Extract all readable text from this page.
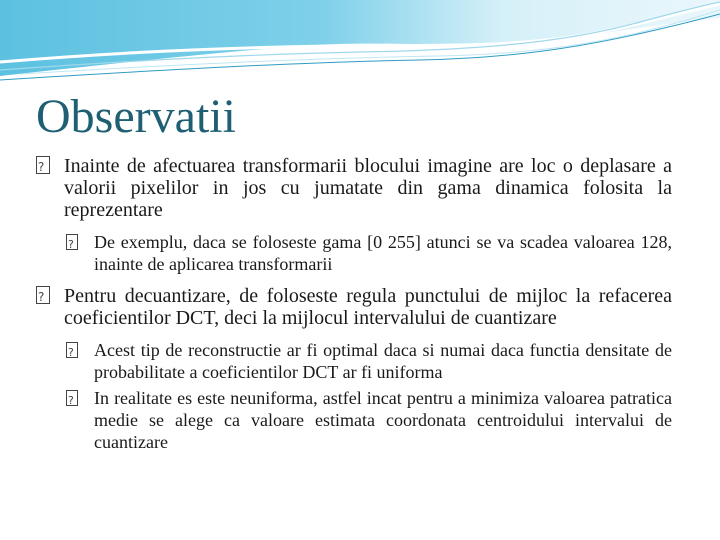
Observatii
?
Inainte de afectuarea transformarii blocului imagine are loc o deplasare a valorii pixelilor in jos cu jumatate din gama dinamica folosita la reprezentare
?
De exemplu, daca se foloseste gama [0 255] atunci se va scadea valoarea 128, inainte de aplicarea transformarii
?
Pentru decuantizare, de foloseste regula punctului de mijloc la refacerea coeficientilor DCT, deci la mijlocul intervalului de cuantizare
?
Acest tip de reconstructie ar fi optimal daca si numai daca functia densitate de probabilitate a coeficientilor DCT ar fi uniforma
?
In realitate es este neuniforma, astfel incat pentru a minimiza valoarea patratica medie se alege ca valoare estimata coordonata centroidului intervalui de cuantizare
